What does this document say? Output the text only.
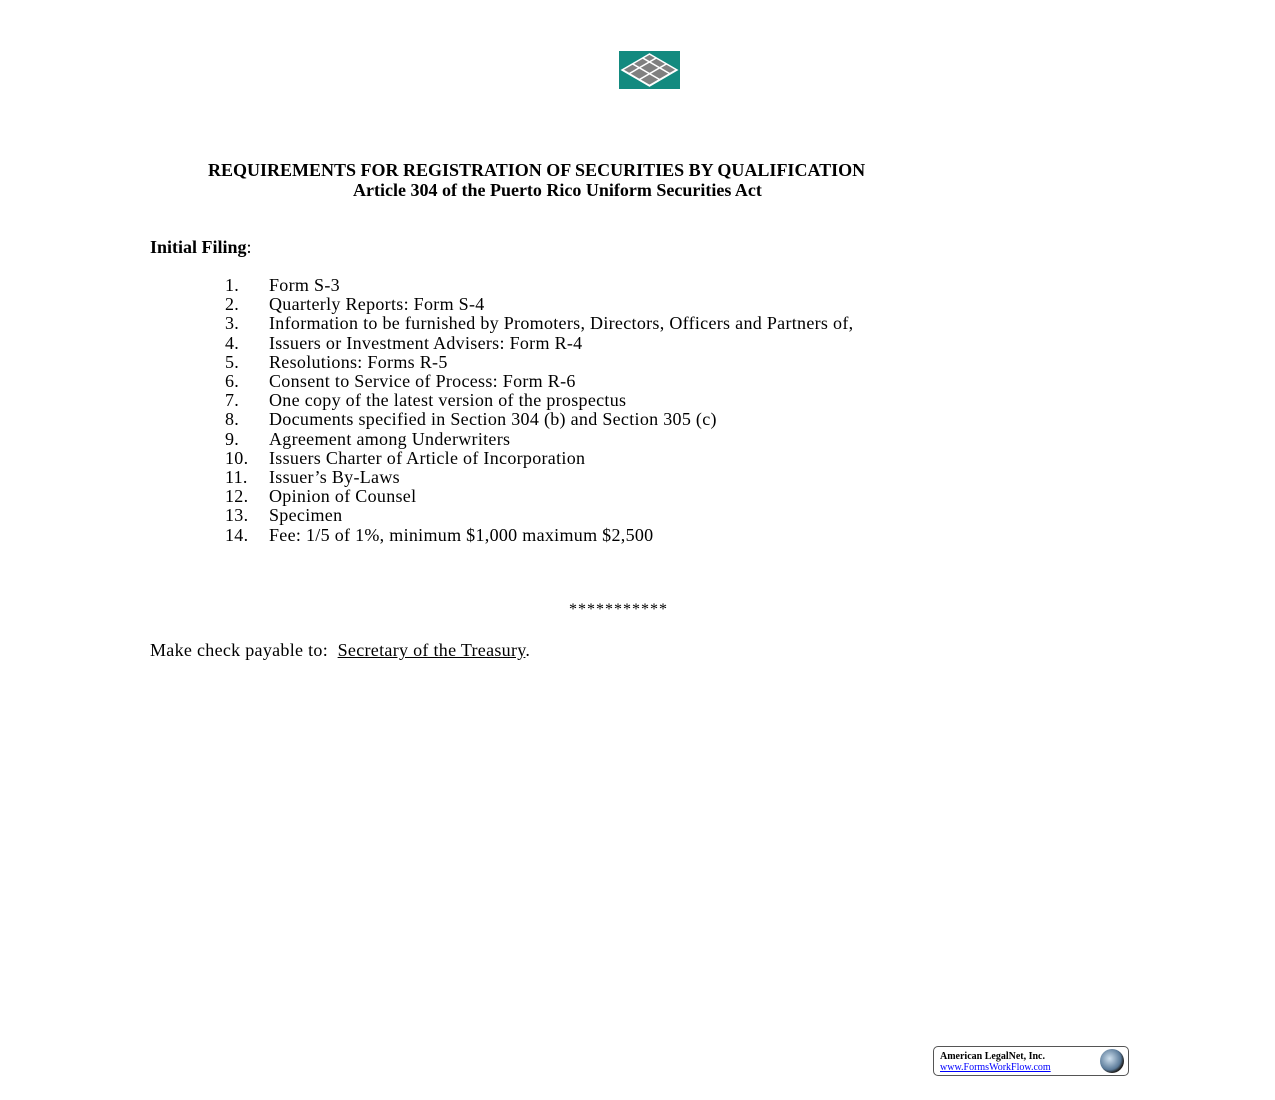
REQUIREMENTS FOR REGISTRATION OF SECURITIES BY QUALIFICATION
Article 304 of the Puerto Rico Uniform Securities Act
Initial Filing:
1.	Form S-3
2.	Quarterly Reports: Form S-4
3.	Information to be furnished by Promoters, Directors, Officers and Partners of,
4.	Issuers or Investment Advisers: Form R-4
5.	Resolutions: Forms R-5
6.	Consent to Service of Process: Form R-6
7.	One copy of the latest version of the prospectus
8.	Documents specified in Section 304 (b) and Section 305 (c)
9.	Agreement among Underwriters
10.	Issuers Charter of Article of Incorporation
11.	Issuer’s By-Laws
12.	Opinion of Counsel
13.	Specimen
14.	Fee: 1/5 of 1%, minimum $1,000 maximum $2,500
***********
Make check payable to:  Secretary of the Treasury.
American LegalNet, Inc.
www.FormsWorkFlow.com
